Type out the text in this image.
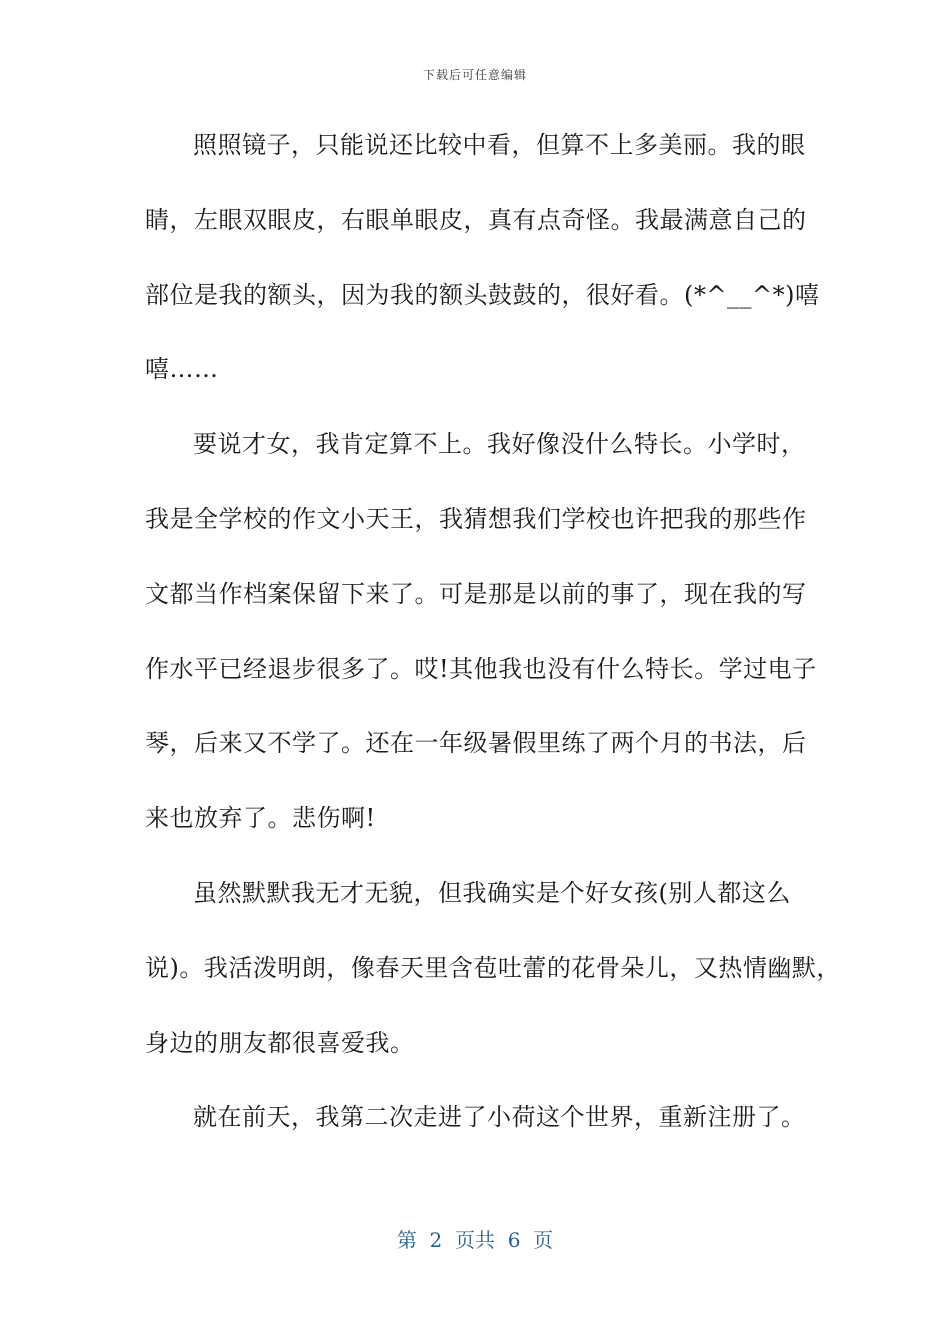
下载后可任意编辑
照照镜子，只能说还比较中看，但算不上多美丽。我的眼
睛，左眼双眼皮，右眼单眼皮，真有点奇怪。我最满意自己的
部位是我的额头，因为我的额头鼓鼓的，很好看。(*^__^*)嘻
嘻……
要说才女，我肯定算不上。我好像没什么特长。小学时，
我是全学校的作文小天王，我猜想我们学校也许把我的那些作
文都当作档案保留下来了。可是那是以前的事了，现在我的写
作水平已经退步很多了。哎!其他我也没有什么特长。学过电子
琴，后来又不学了。还在一年级暑假里练了两个月的书法，后
来也放弃了。悲伤啊!
虽然默默我无才无貌，但我确实是个好女孩(别人都这么
说)。我活泼明朗，像春天里含苞吐蕾的花骨朵儿，又热情幽默，
身边的朋友都很喜爱我。
就在前天，我第二次走进了小荷这个世界，重新注册了。
第  2  页共  6  页
